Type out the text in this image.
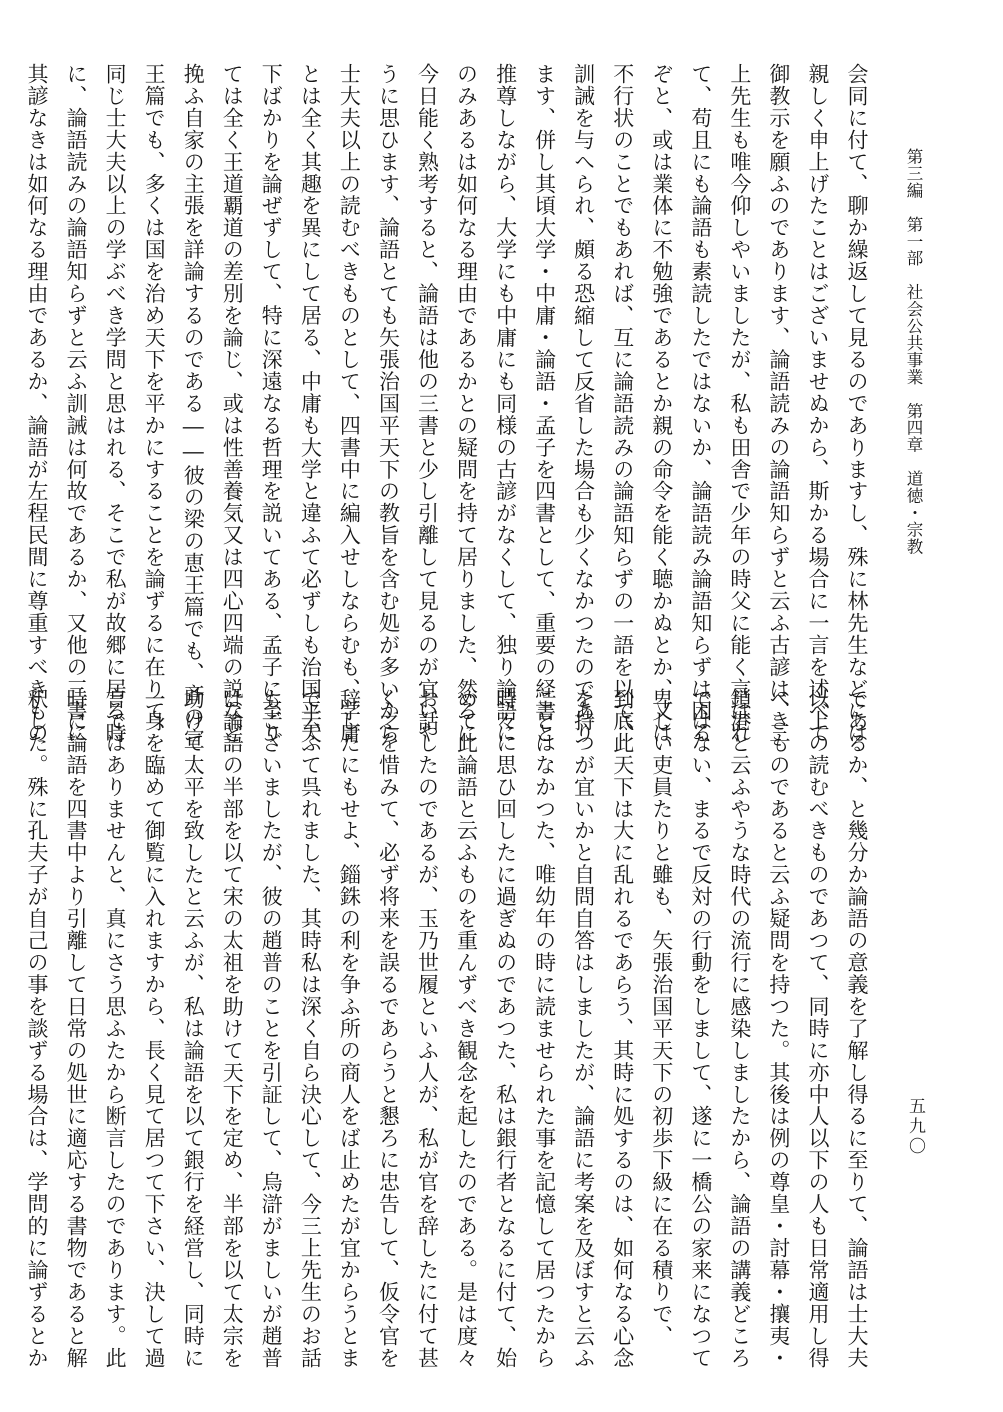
第三編　第一部　社会公共事業　第四章　道徳・宗教
五九〇
会同に付て、聊か繰返して見るのでありますし、殊に林先生などには
親しく申上げたことはございませぬから、斯かる場合に一言を述べて
御教示を願ふのであります、論語読みの論語知らずと云ふ古諺は、三
上先生も唯今仰しやいましたが、私も田舎で少年の時父に能く言はれ
て、苟且にも論語も素読したではないか、論語読み論語知らずは困る
ぞと、或は業体に不勉強であるとか親の命令を能く聴かぬとか、又は
不行状のことでもあれば、互に論語読みの論語知らずの一語を以て、
訓誡を与へられ、頗る恐縮して反省した場合も少くなかつたのであり
ます、併し其頃大学・中庸・論語・孟子を四書として、重要の経書と
推尊しながら、大学にも中庸にも同様の古諺がなくして、独り論語に
のみあるは如何なる理由であるかとの疑問を持て居りました、然るに
今日能く熟考すると、論語は他の三書と少し引離して見るのが宜いや
うに思ひます、論語とても矢張治国平天下の教旨を含む処が多いから
士大夫以上の読むべきものとして、四書中に編入せしならむも、学庸
とは全く其趣を異にして居る、中庸も大学と違ふて必ずしも治国平天
下ばかりを論ぜずして、特に深遠なる哲理を説いてある、孟子に至り
ては全く王道覇道の差別を論じ、或は性善養気又は四心四端の説など
挽ふ自家の主張を詳論するのである――彼の梁の恵王篇でも、斉の宣
王篇でも、多くは国を治め天下を平かにすることを論ずるに在りて、
同じ士大夫以上の学ぶべき学問と思はれる、そこで私が故郷に居る時
に、論語読みの論語知らずと云ふ訓誡は何故であるか、又他の三書に
其諺なきは如何なる理由であるか、論語が左程民間に尊重すべきもの
であるか、と幾分か論語の意義を了解し得るに至りて、論語は士大夫
以上の読むべきものであつて、同時に亦中人以下の人も日常適用し得
べきものであると云ふ疑問を持つた。其後は例の尊皇・討幕・攘夷・
鎖港と云ふやうな時代の流行に感染しましたから、論語の講義どころ
ではない、まるで反対の行動をしまして、遂に一橋公の家来になつて
卑しい吏員たりと雖も、矢張治国平天下の初歩下級に在る積りで、
到底此天下は大に乱れるであらう、其時に処するのは、如何なる心念
を持つが宜いかと自問自答はしましたが、論語に考案を及ぼすと云ふ
ことはなかつた、唯幼年の時に読ませられた事を記憶して居つたから
時々に思ひ回したに過ぎぬのであつた、私は銀行者となるに付て、始
めて此論語と云ふものを重んずべき観念を起したのである。是は度々
お話したのであるが、玉乃世履といふ人が、私が官を辞したに付て甚
く之を惜みて、必ず将来を誤るであらうと懇ろに忠告して、仮令官を
辞したにもせよ、錙銖の利を争ふ所の商人をば止めたが宜からうとま
で云ふて呉れました、其時私は深く自ら決心して、今三上先生のお話
もございましたが、彼の趙普のことを引証して、烏滸がましいが趙普
は論語の半部を以て宋の太祖を助けて天下を定め、半部を以て太宗を
助けて太平を致したと云ふが、私は論語を以て銀行を経営し、同時に
一身を臨めて御覧に入れますから、長く見て居つて下さい、決して過
言ではありませんと、真にさう思ふたから断言したのであります。此
時に論語を四書中より引離して日常の処世に適応する書物であると解
釈した。殊に孔夫子が自己の事を談ずる場合は、学問的に論ずるとか
